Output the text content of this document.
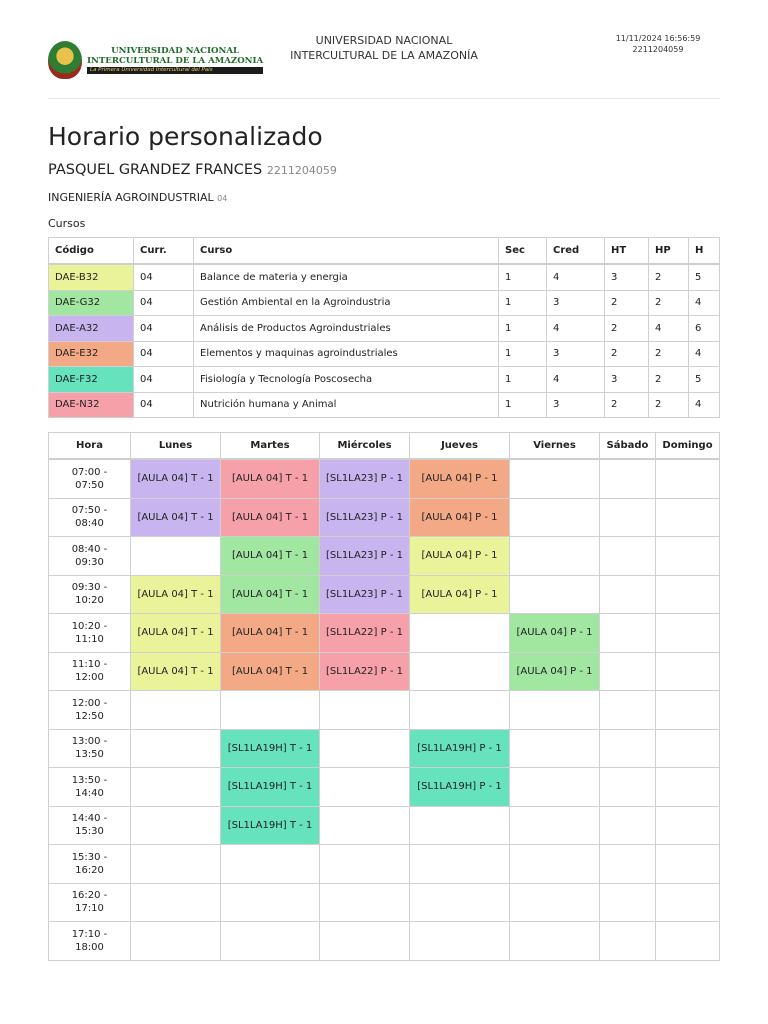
UNIVERSIDAD NACIONAL
INTERCULTURAL DE LA AMAZONIA
La Primera Universidad Intercultural del País
UNIVERSIDAD NACIONAL
INTERCULTURAL DE LA AMAZONÍA
11/11/2024 16:56:59
2211204059
Horario personalizado
PASQUEL GRANDEZ FRANCES 2211204059
INGENIERÍA AGROINDUSTRIAL 04
Cursos
Código	Curr.	Curso	Sec	Cred	HT	HP	H
DAE-B32	04	Balance de materia y energia	1	4	3	2	5
DAE-G32	04	Gestión Ambiental en la Agroindustria	1	3	2	2	4
DAE-A32	04	Análisis de Productos Agroindustriales	1	4	2	4	6
DAE-E32	04	Elementos y maquinas agroindustriales	1	3	2	2	4
DAE-F32	04	Fisiología y Tecnología Poscosecha	1	4	3	2	5
DAE-N32	04	Nutrición humana y Animal	1	3	2	2	4
Hora	Lunes	Martes	Miércoles	Jueves	Viernes	Sábado	Domingo

07:00 -
07:50	[AULA 04] T - 1	[AULA 04] T - 1	[SL1LA23] P - 1	[AULA 04] P - 1			

07:50 -
08:40	[AULA 04] T - 1	[AULA 04] T - 1	[SL1LA23] P - 1	[AULA 04] P - 1			

08:40 -
09:30		[AULA 04] T - 1	[SL1LA23] P - 1	[AULA 04] P - 1			

09:30 -
10:20	[AULA 04] T - 1	[AULA 04] T - 1	[SL1LA23] P - 1	[AULA 04] P - 1			

10:20 -
11:10	[AULA 04] T - 1	[AULA 04] T - 1	[SL1LA22] P - 1		[AULA 04] P - 1		

11:10 -
12:00	[AULA 04] T - 1	[AULA 04] T - 1	[SL1LA22] P - 1		[AULA 04] P - 1		

12:00 -
12:50							

13:00 -
13:50		[SL1LA19H] T - 1		[SL1LA19H] P - 1			

13:50 -
14:40		[SL1LA19H] T - 1		[SL1LA19H] P - 1			

14:40 -
15:30		[SL1LA19H] T - 1					

15:30 -
16:20							

16:20 -
17:10							

17:10 -
18:00							
